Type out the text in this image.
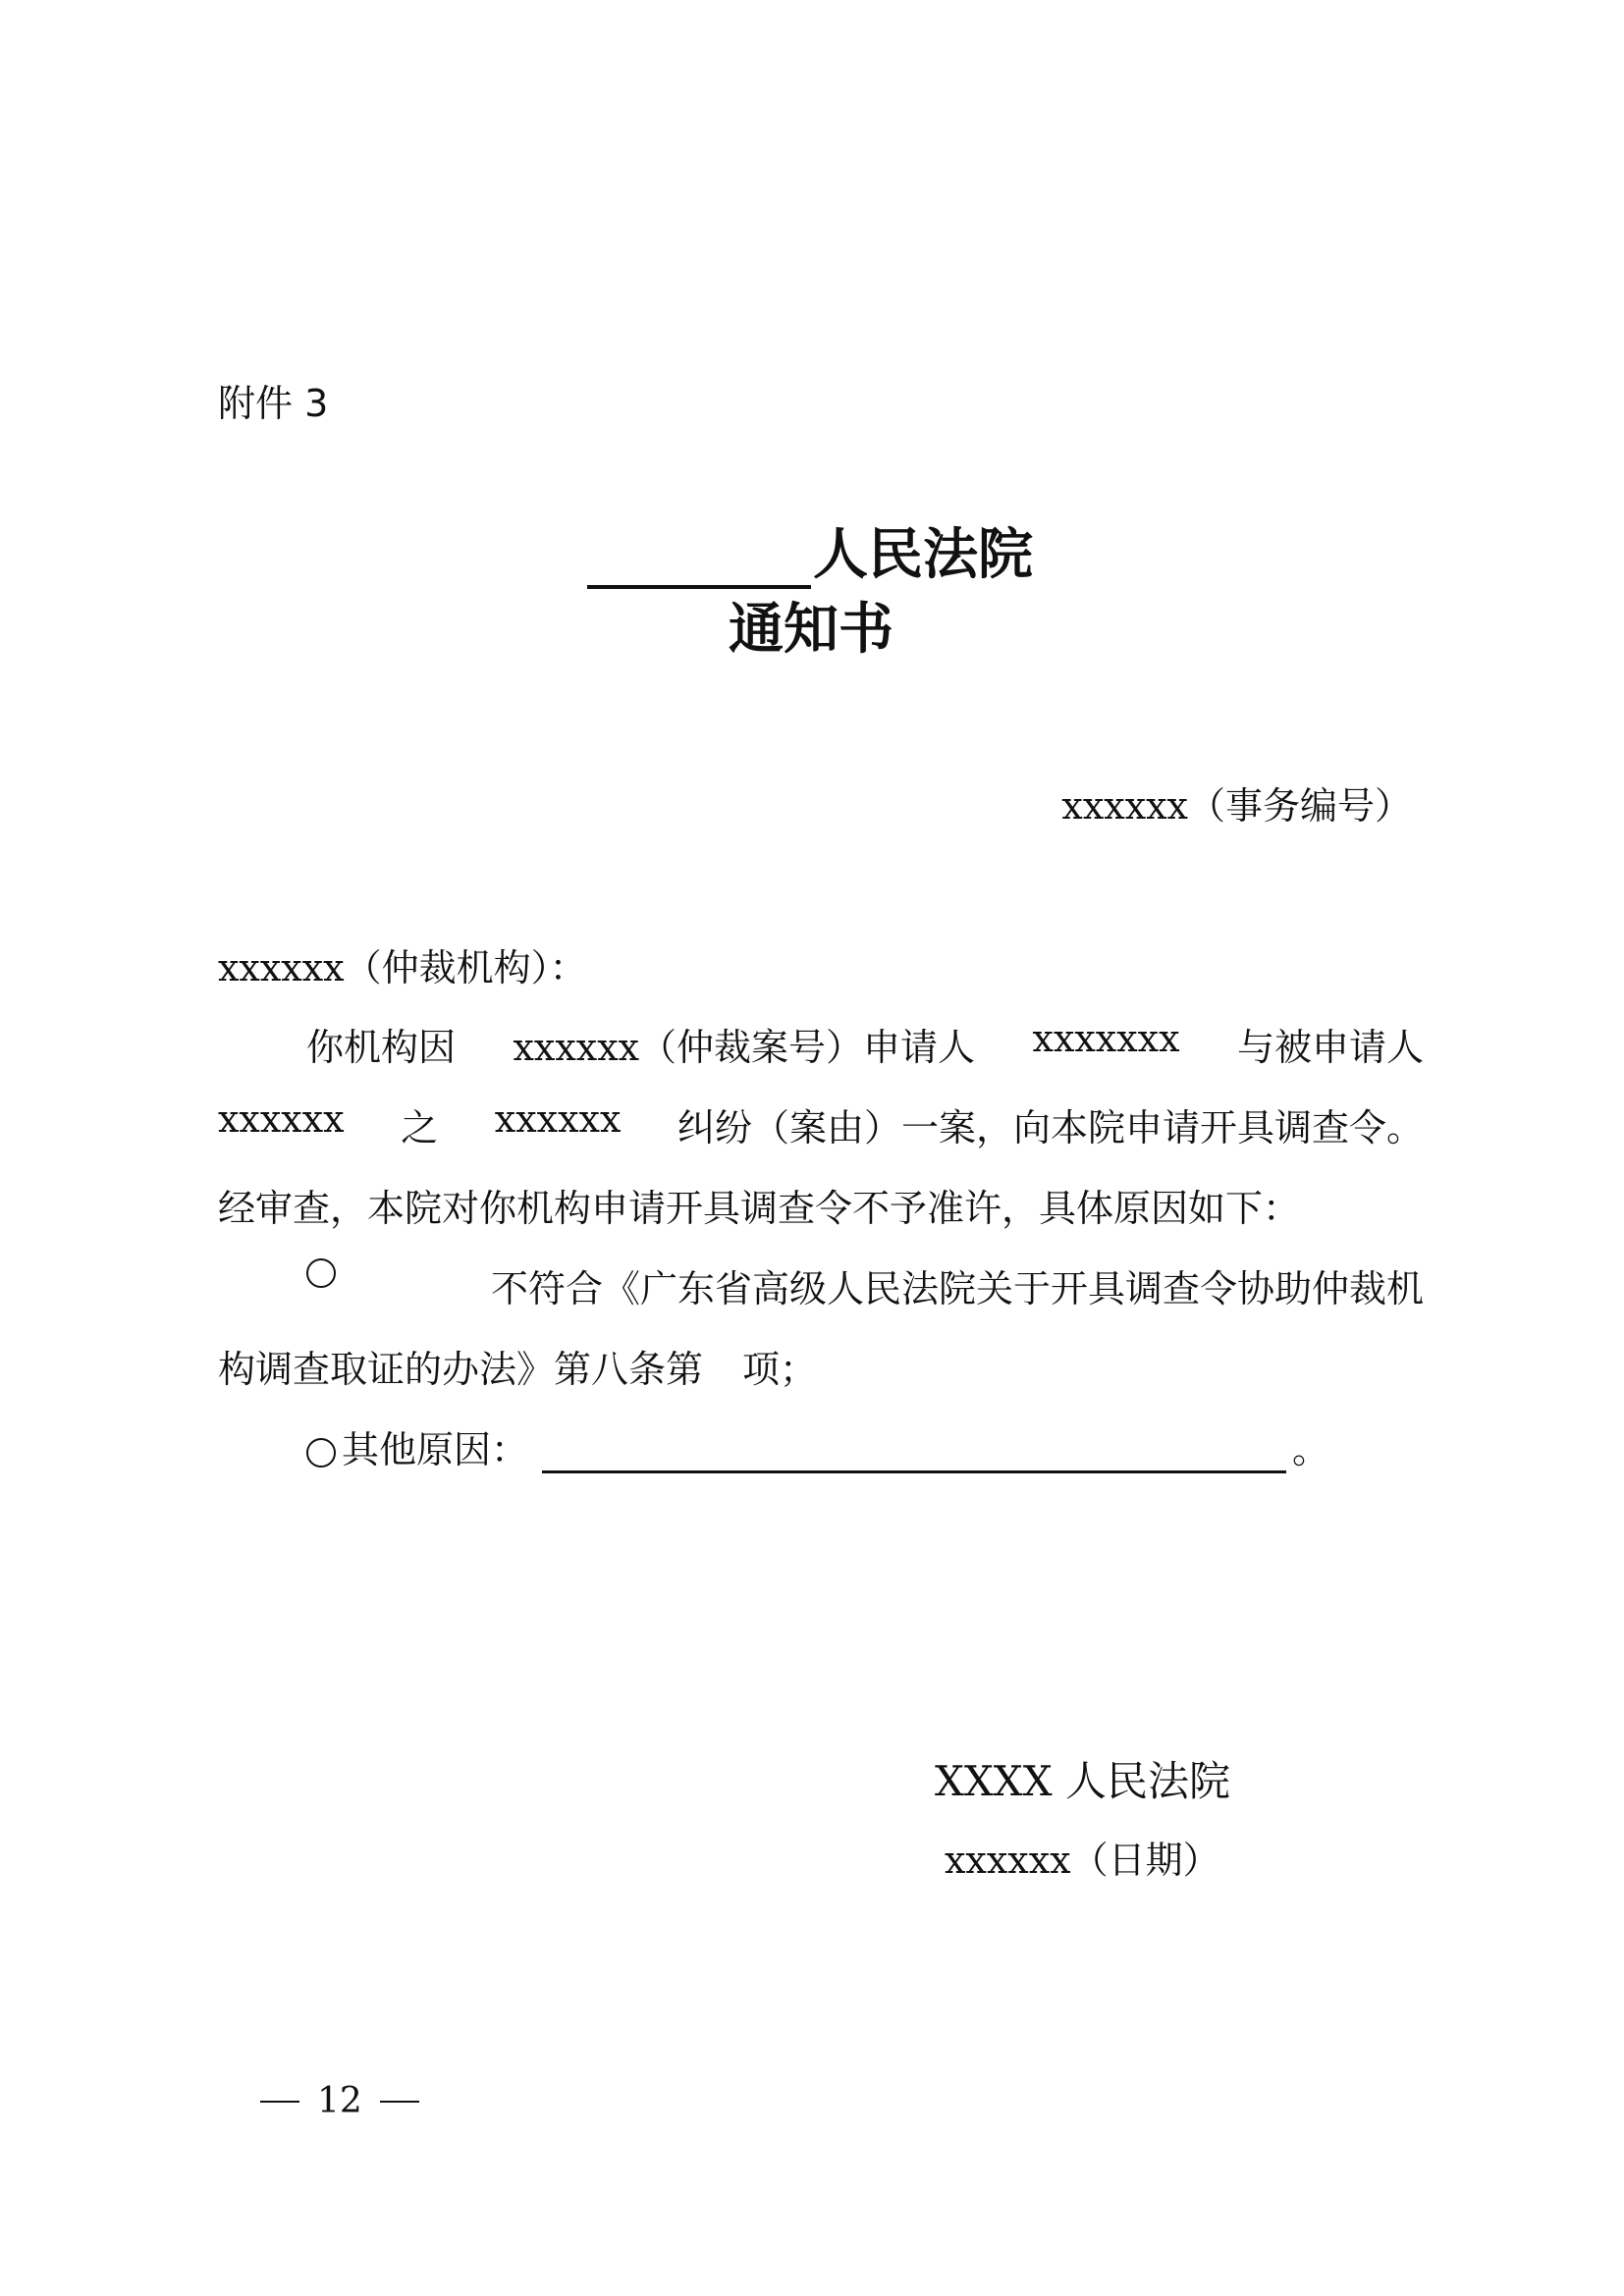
附件 3
人民法院
通知书
xxxxxx（事务编号）
xxxxxx（仲裁机构）：
你机构因 xxxxxx（仲裁案号）申请人 xxxxxxx 与被申请人
xxxxxx 之 xxxxxx 纠纷（案由）一案，向本院申请开具调查令。
经审查，本院对你机构申请开具调查令不予准许，具体原因如下：
不符合《广东省高级人民法院关于开具调查令协助仲裁机
构调查取证的办法》第八条第 项；
其他原因：	。
XXXX 人民法院
xxxxxx（日期）
12
